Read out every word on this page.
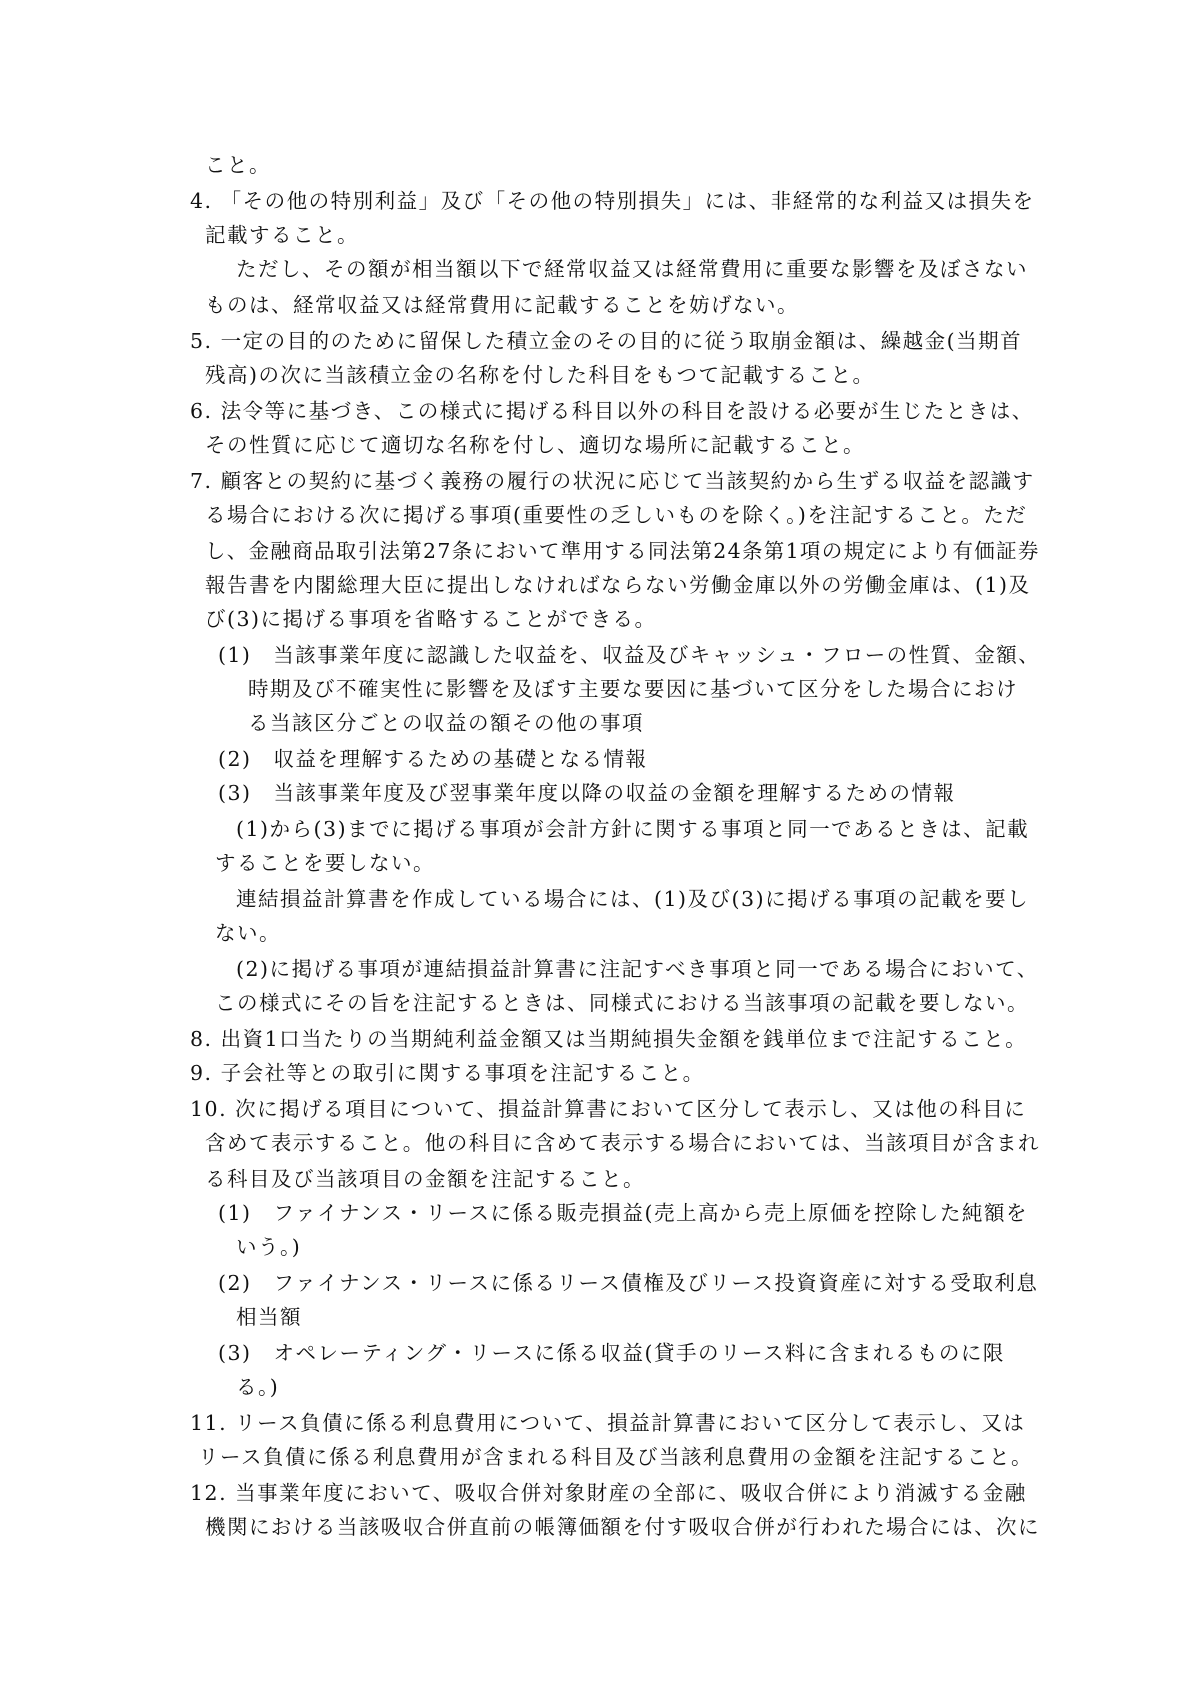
こと。
4. 「その他の特別利益」及び「その他の特別損失」には、非経常的な利益又は損失を
記載すること。
ただし、その額が相当額以下で経常収益又は経常費用に重要な影響を及ぼさない
ものは、経常収益又は経常費用に記載することを妨げない。
5. 一定の目的のために留保した積立金のその目的に従う取崩金額は、繰越金(当期首
残高)の次に当該積立金の名称を付した科目をもつて記載すること。
6. 法令等に基づき、この様式に掲げる科目以外の科目を設ける必要が生じたときは、
その性質に応じて適切な名称を付し、適切な場所に記載すること。
7. 顧客との契約に基づく義務の履行の状況に応じて当該契約から生ずる収益を認識す
る場合における次に掲げる事項(重要性の乏しいものを除く。)を注記すること。ただ
し、金融商品取引法第27条において準用する同法第24条第1項の規定により有価証券
報告書を内閣総理大臣に提出しなければならない労働金庫以外の労働金庫は、(1)及
び(3)に掲げる事項を省略することができる。
(1)　当該事業年度に認識した収益を、収益及びキャッシュ・フローの性質、金額、
時期及び不確実性に影響を及ぼす主要な要因に基づいて区分をした場合におけ
る当該区分ごとの収益の額その他の事項
(2)　収益を理解するための基礎となる情報
(3)　当該事業年度及び翌事業年度以降の収益の金額を理解するための情報
(1)から(3)までに掲げる事項が会計方針に関する事項と同一であるときは、記載
することを要しない。
連結損益計算書を作成している場合には、(1)及び(3)に掲げる事項の記載を要し
ない。
(2)に掲げる事項が連結損益計算書に注記すべき事項と同一である場合において、
この様式にその旨を注記するときは、同様式における当該事項の記載を要しない。
8. 出資1口当たりの当期純利益金額又は当期純損失金額を銭単位まで注記すること。
9. 子会社等との取引に関する事項を注記すること。
10. 次に掲げる項目について、損益計算書において区分して表示し、又は他の科目に
含めて表示すること。他の科目に含めて表示する場合においては、当該項目が含まれ
る科目及び当該項目の金額を注記すること。
(1)　ファイナンス・リースに係る販売損益(売上高から売上原価を控除した純額を
いう。)
(2)　ファイナンス・リースに係るリース債権及びリース投資資産に対する受取利息
相当額
(3)　オペレーティング・リースに係る収益(貸手のリース料に含まれるものに限
る。)
11. リース負債に係る利息費用について、損益計算書において区分して表示し、又は
リース負債に係る利息費用が含まれる科目及び当該利息費用の金額を注記すること。
12. 当事業年度において、吸収合併対象財産の全部に、吸収合併により消滅する金融
機関における当該吸収合併直前の帳簿価額を付す吸収合併が行われた場合には、次に
